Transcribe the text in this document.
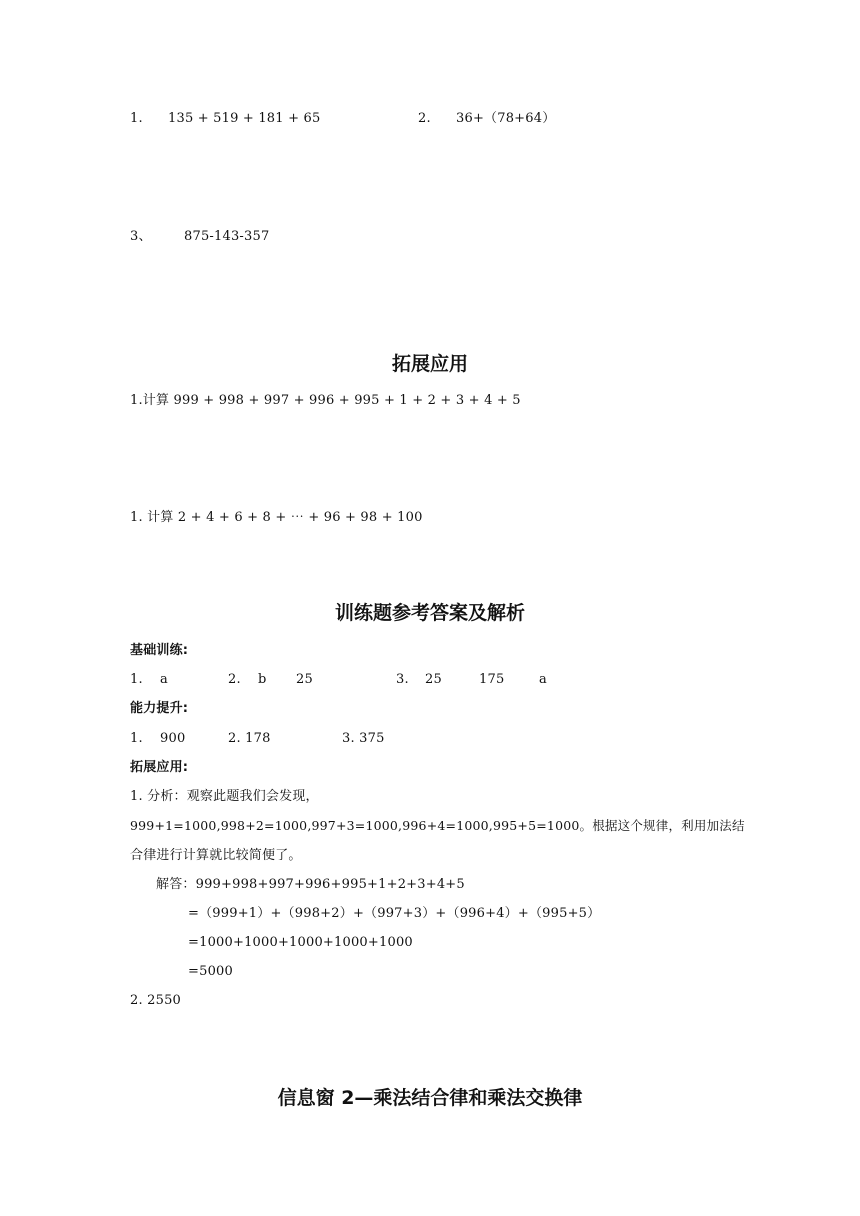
1. 135 + 519 + 181 + 65	2. 36+（78+64）
3、 875-143-357
拓展应用
1.计算 999 + 998 + 997 + 996 + 995 + 1 + 2 + 3 + 4 + 5
1. 计算 2 + 4 + 6 + 8 + ⋯ + 96 + 98 + 100
训练题参考答案及解析
基础训练:
1. a	2. b 25	3. 25	175	a
能力提升:
1. 900	2. 178	3. 375
拓展应用:
1. 分析：观察此题我们会发现，
999+1=1000,998+2=1000,997+3=1000,996+4=1000,995+5=1000。根据这个规律，利用加法结
合律进行计算就比较简便了。
解答：999+998+997+996+995+1+2+3+4+5
=（999+1）+（998+2）+（997+3）+（996+4）+（995+5）
=1000+1000+1000+1000+1000
=5000
2. 2550
信息窗 2—乘法结合律和乘法交换律
